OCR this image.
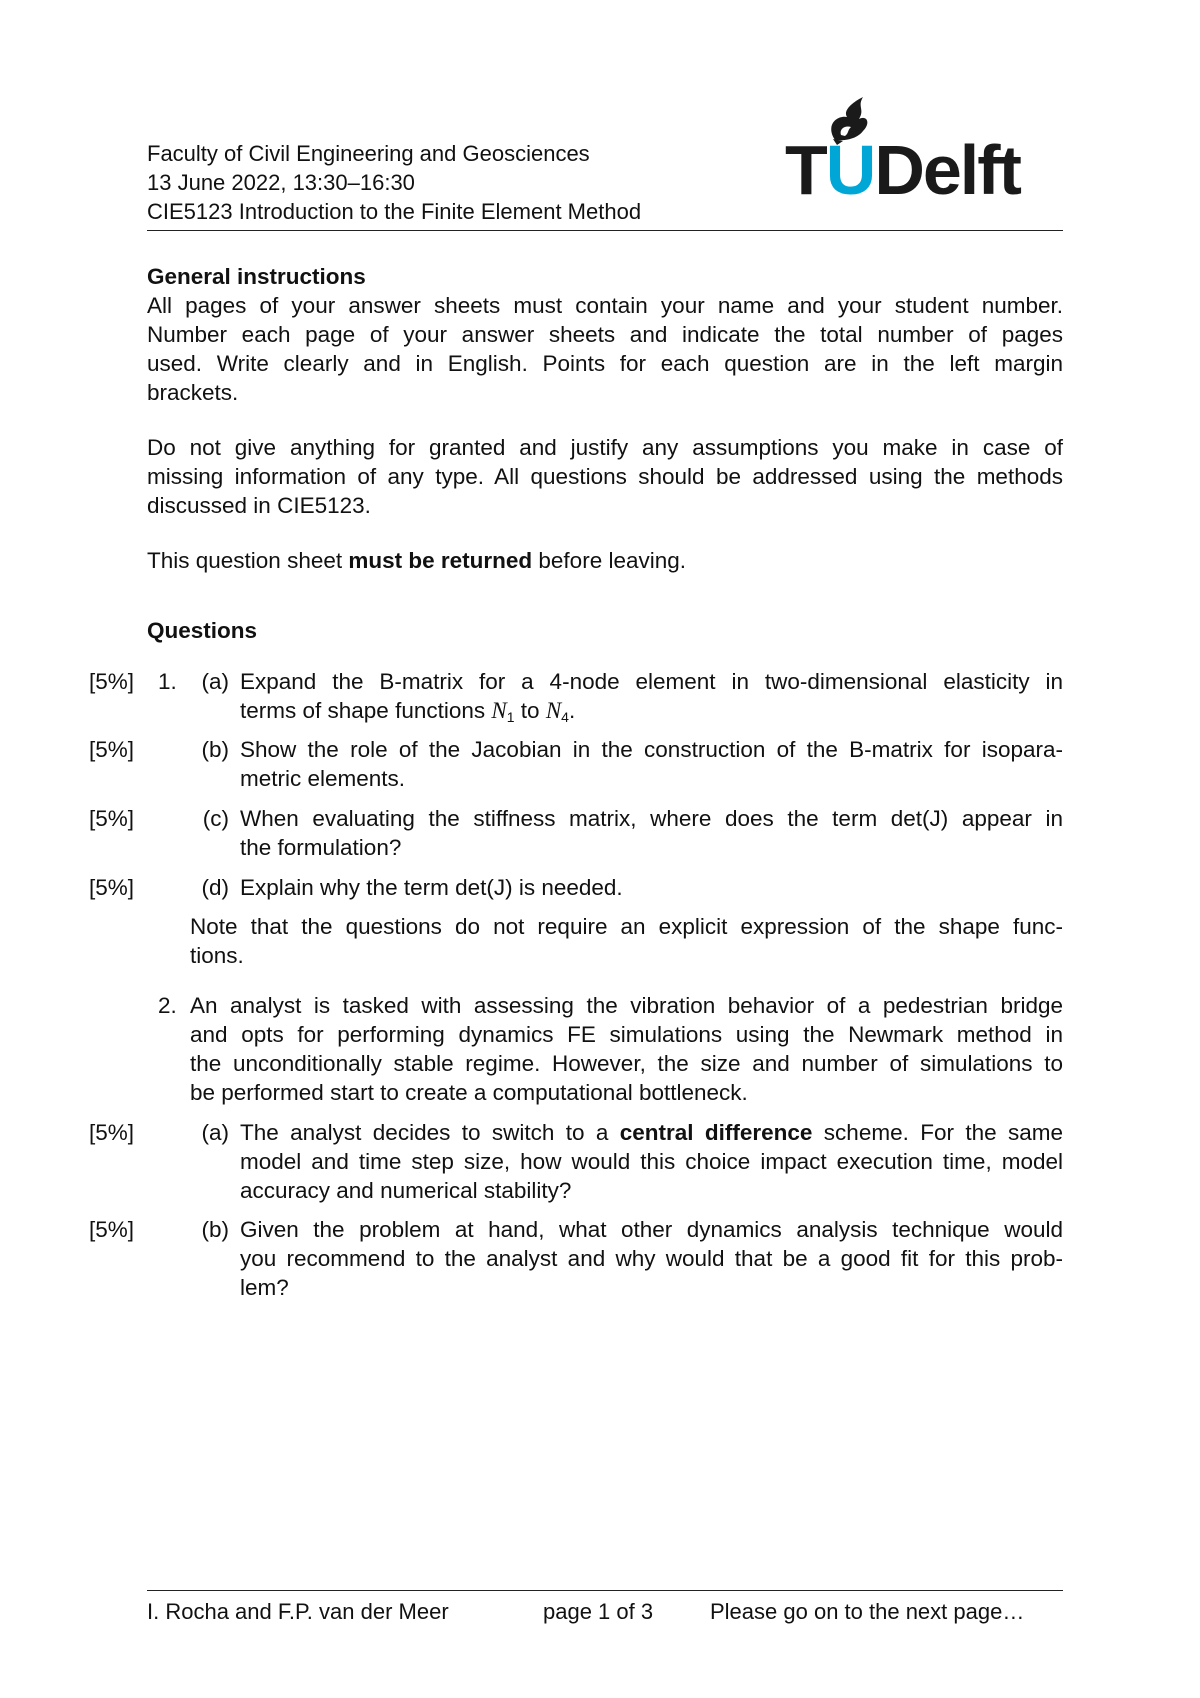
Faculty of Civil Engineering and Geosciences
13 June 2022, 13:30–16:30
CIE5123 Introduction to the Finite Element Method
TUDelft
General instructions
All pages of your answer sheets must contain your name and your student number.
Number each page of your answer sheets and indicate the total number of pages
used. Write clearly and in English. Points for each question are in the left margin
brackets.
Do not give anything for granted and justify any assumptions you make in case of
missing information of any type. All questions should be addressed using the methods
discussed in CIE5123.
This question sheet must be returned before leaving.
Questions
[5%] 1.	(a) Expand the B-matrix for a 4-node element in two-dimensional elasticity in
terms of shape functions $N_1$ to $N_4$.
[5%]	(b) Show the role of the Jacobian in the construction of the B-matrix for isopara-
metric elements.
[5%]	(c) When evaluating the stiffness matrix, where does the term det(J) appear in
the formulation?
[5%]	(d) Explain why the term det(J) is needed.
Note that the questions do not require an explicit expression of the shape func-
tions.
2. An analyst is tasked with assessing the vibration behavior of a pedestrian bridge
and opts for performing dynamics FE simulations using the Newmark method in
the unconditionally stable regime. However, the size and number of simulations to
be performed start to create a computational bottleneck.
[5%]	(a) The analyst decides to switch to a central difference scheme. For the same
model and time step size, how would this choice impact execution time, model
accuracy and numerical stability?
[5%]	(b) Given the problem at hand, what other dynamics analysis technique would
you recommend to the analyst and why would that be a good fit for this prob-
lem?
I. Rocha and F.P. van der Meer	page 1 of 3	Please go on to the next page…
